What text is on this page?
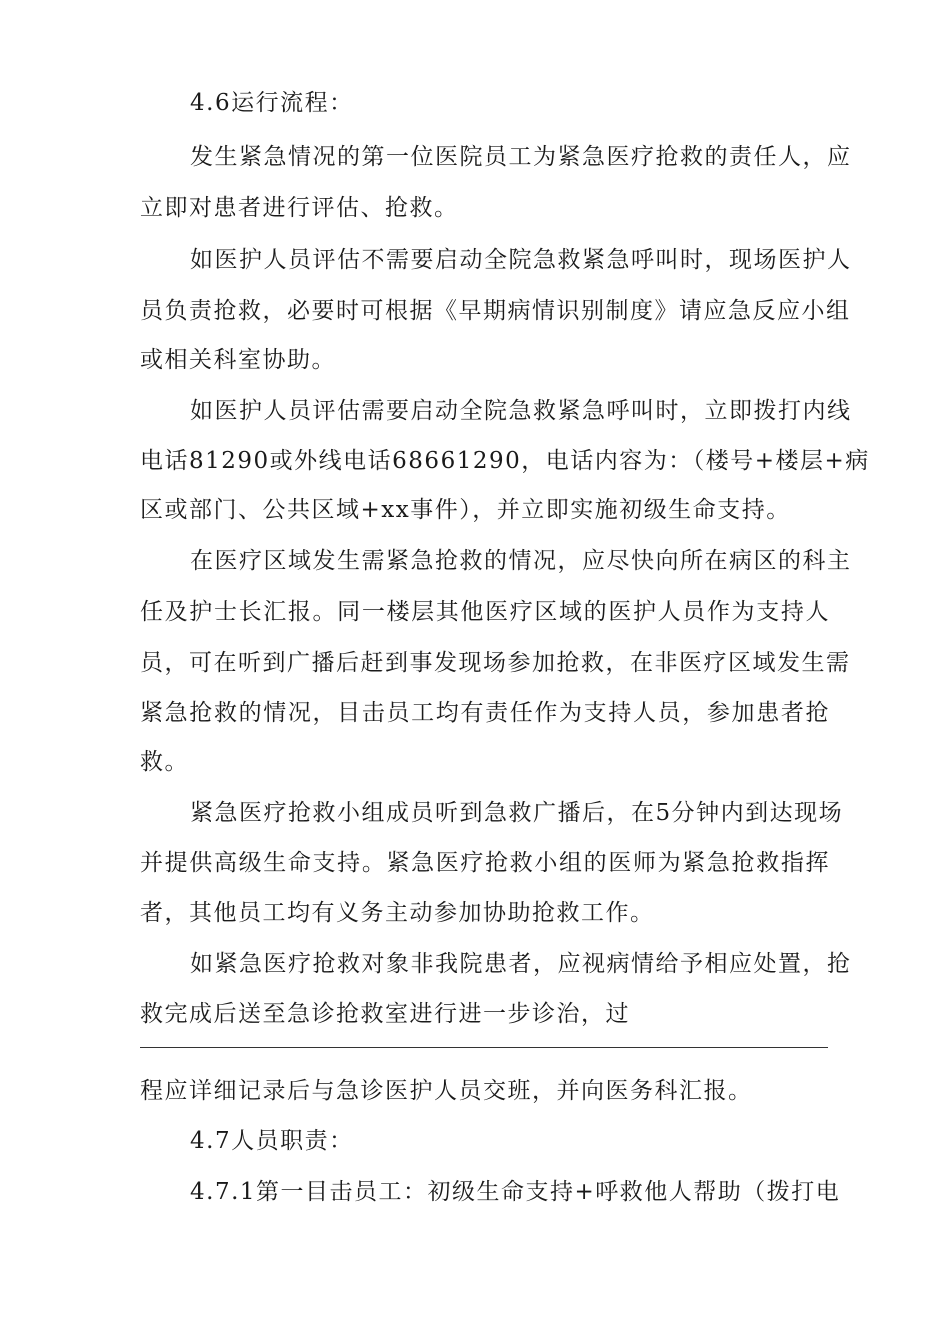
4.6运行流程：
发生紧急情况的第一位医院员工为紧急医疗抢救的责任人，应
立即对患者进行评估、抢救。
如医护人员评估不需要启动全院急救紧急呼叫时，现场医护人
员负责抢救，必要时可根据《早期病情识别制度》请应急反应小组
或相关科室协助。
如医护人员评估需要启动全院急救紧急呼叫时，立即拨打内线
电话81290或外线电话68661290，电话内容为：（楼号+楼层+病
区或部门、公共区域+xx事件），并立即实施初级生命支持。
在医疗区域发生需紧急抢救的情况，应尽快向所在病区的科主
任及护士长汇报。同一楼层其他医疗区域的医护人员作为支持人
员，可在听到广播后赶到事发现场参加抢救，在非医疗区域发生需
紧急抢救的情况，目击员工均有责任作为支持人员，参加患者抢
救。
紧急医疗抢救小组成员听到急救广播后，在5分钟内到达现场
并提供高级生命支持。紧急医疗抢救小组的医师为紧急抢救指挥
者，其他员工均有义务主动参加协助抢救工作。
如紧急医疗抢救对象非我院患者，应视病情给予相应处置，抢
救完成后送至急诊抢救室进行进一步诊治，过
程应详细记录后与急诊医护人员交班，并向医务科汇报。
4.7人员职责：
4.7.1第一目击员工：初级生命支持+呼救他人帮助（拨打电
